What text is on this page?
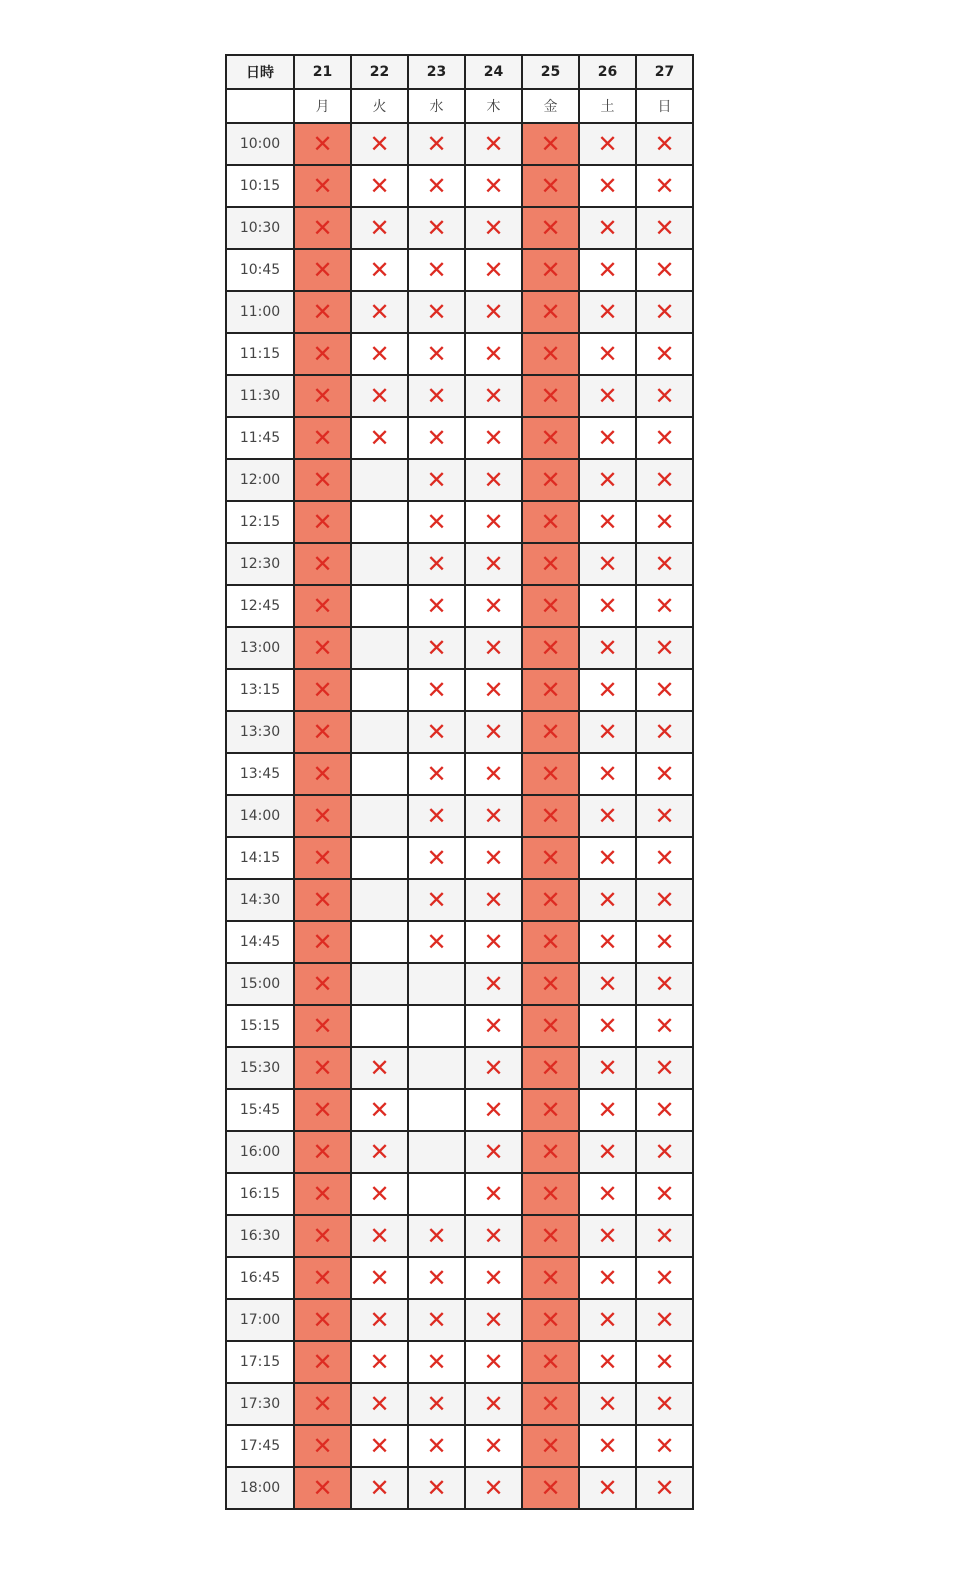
日時	21	22	23	24	25	26	27
	月	火	水	木	金	土	日
10:00	✕	✕	✕	✕	✕	✕	✕
10:15	✕	✕	✕	✕	✕	✕	✕
10:30	✕	✕	✕	✕	✕	✕	✕
10:45	✕	✕	✕	✕	✕	✕	✕
11:00	✕	✕	✕	✕	✕	✕	✕
11:15	✕	✕	✕	✕	✕	✕	✕
11:30	✕	✕	✕	✕	✕	✕	✕
11:45	✕	✕	✕	✕	✕	✕	✕
12:00	✕		✕	✕	✕	✕	✕
12:15	✕		✕	✕	✕	✕	✕
12:30	✕		✕	✕	✕	✕	✕
12:45	✕		✕	✕	✕	✕	✕
13:00	✕		✕	✕	✕	✕	✕
13:15	✕		✕	✕	✕	✕	✕
13:30	✕		✕	✕	✕	✕	✕
13:45	✕		✕	✕	✕	✕	✕
14:00	✕		✕	✕	✕	✕	✕
14:15	✕		✕	✕	✕	✕	✕
14:30	✕		✕	✕	✕	✕	✕
14:45	✕		✕	✕	✕	✕	✕
15:00	✕			✕	✕	✕	✕
15:15	✕			✕	✕	✕	✕
15:30	✕	✕		✕	✕	✕	✕
15:45	✕	✕		✕	✕	✕	✕
16:00	✕	✕		✕	✕	✕	✕
16:15	✕	✕		✕	✕	✕	✕
16:30	✕	✕	✕	✕	✕	✕	✕
16:45	✕	✕	✕	✕	✕	✕	✕
17:00	✕	✕	✕	✕	✕	✕	✕
17:15	✕	✕	✕	✕	✕	✕	✕
17:30	✕	✕	✕	✕	✕	✕	✕
17:45	✕	✕	✕	✕	✕	✕	✕
18:00	✕	✕	✕	✕	✕	✕	✕
